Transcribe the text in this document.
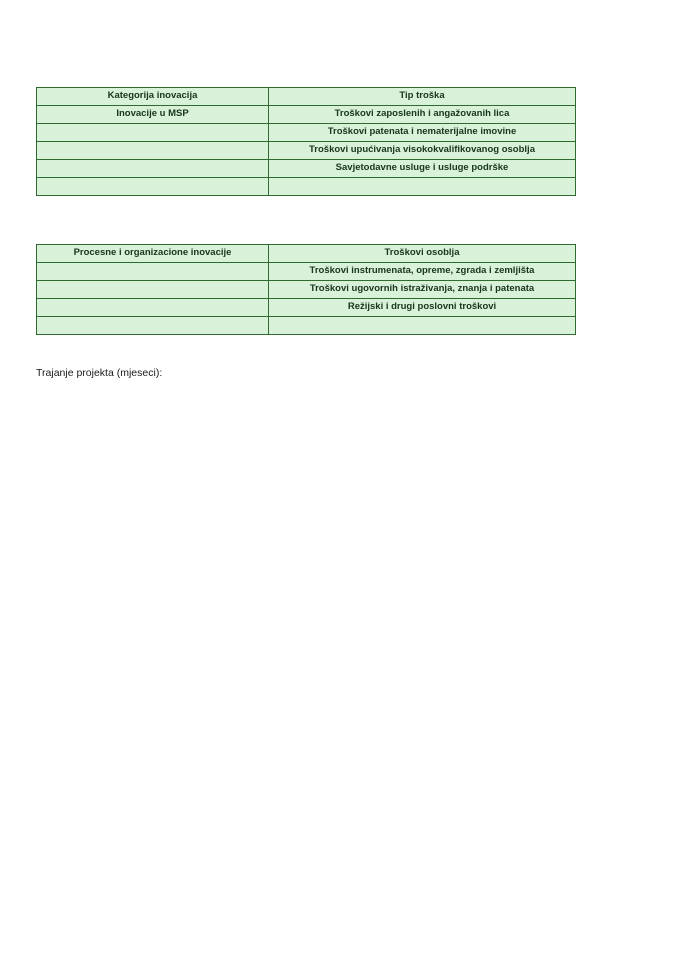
Kategorija inovacija	Tip troška
Inovacije u MSP	Troškovi zaposlenih i angažovanih lica
	Troškovi patenata i nematerijalne imovine
	Troškovi upućivanja visokokvalifikovanog osoblja
	Savjetodavne usluge i usluge podrške

Procesne i organizacione inovacije	Troškovi osoblja
	Troškovi instrumenata, opreme, zgrada i zemljišta
	Troškovi ugovornih istraživanja, znanja i patenata
	Režijski i drugi poslovni troškovi

Trajanje projekta (mjeseci):
